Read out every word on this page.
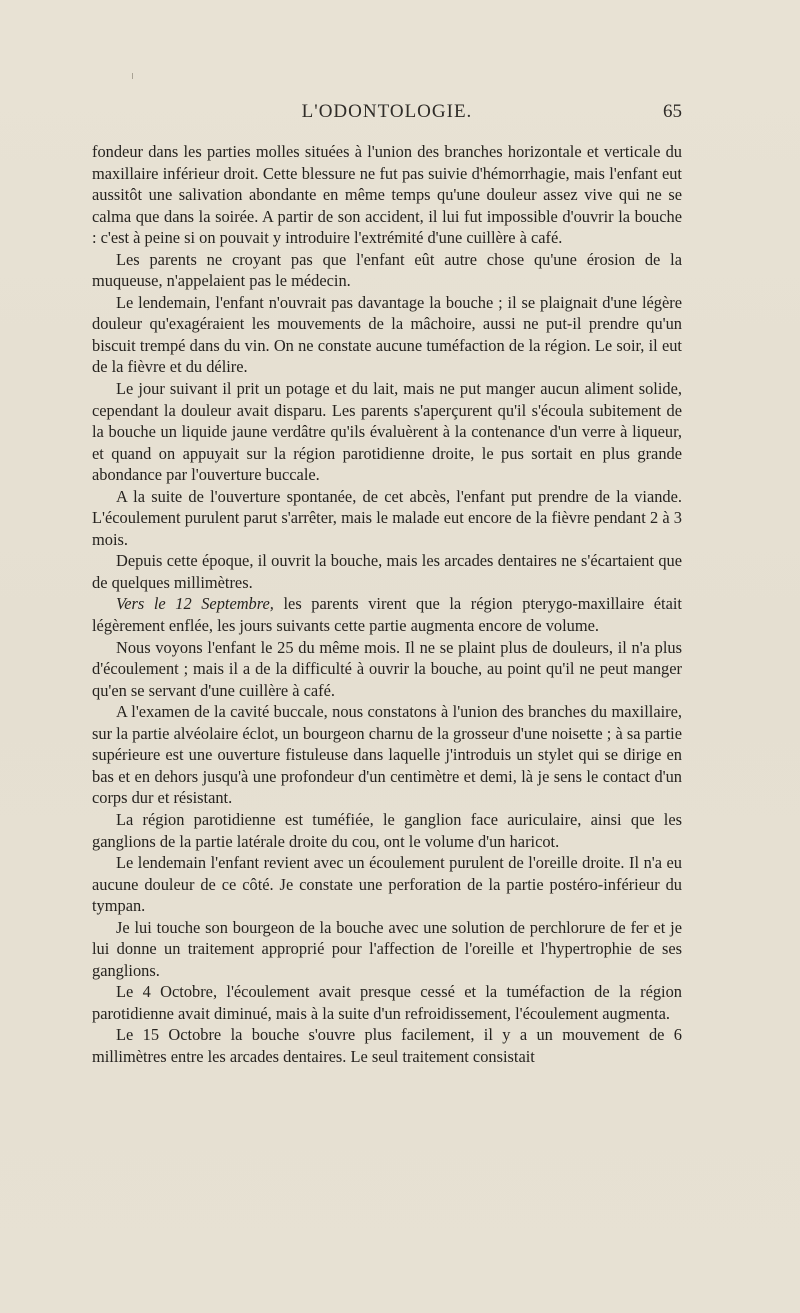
L'ODONTOLOGIE.	65

fondeur dans les parties molles situées à l'union des branches horizontale et verticale du maxillaire inférieur droit. Cette blessure ne fut pas suivie d'hémorrhagie, mais l'enfant eut aussitôt une salivation abondante en même temps qu'une douleur assez vive qui ne se calma que dans la soirée. A partir de son accident, il lui fut impossible d'ouvrir la bouche : c'est à peine si on pouvait y introduire l'extrémité d'une cuillère à café.

Les parents ne croyant pas que l'enfant eût autre chose qu'une érosion de la muqueuse, n'appelaient pas le médecin.

Le lendemain, l'enfant n'ouvrait pas davantage la bouche ; il se plaignait d'une légère douleur qu'exagéraient les mouvements de la mâchoire, aussi ne put-il prendre qu'un biscuit trempé dans du vin. On ne constate aucune tuméfaction de la région. Le soir, il eut de la fièvre et du délire.

Le jour suivant il prit un potage et du lait, mais ne put manger aucun aliment solide, cependant la douleur avait disparu. Les parents s'aperçurent qu'il s'écoula subitement de la bouche un liquide jaune verdâtre qu'ils évaluèrent à la contenance d'un verre à liqueur, et quand on appuyait sur la région parotidienne droite, le pus sortait en plus grande abondance par l'ouverture buccale.

A la suite de l'ouverture spontanée, de cet abcès, l'enfant put prendre de la viande. L'écoulement purulent parut s'arrêter, mais le malade eut encore de la fièvre pendant 2 à 3 mois.

Depuis cette époque, il ouvrit la bouche, mais les arcades dentaires ne s'écartaient que de quelques millimètres.

Vers le 12 Septembre, les parents virent que la région pterygo-maxillaire était légèrement enflée, les jours suivants cette partie augmenta encore de volume.

Nous voyons l'enfant le 25 du même mois. Il ne se plaint plus de douleurs, il n'a plus d'écoulement ; mais il a de la difficulté à ouvrir la bouche, au point qu'il ne peut manger qu'en se servant d'une cuillère à café.

A l'examen de la cavité buccale, nous constatons à l'union des branches du maxillaire, sur la partie alvéolaire éclot, un bourgeon charnu de la grosseur d'une noisette ; à sa partie supérieure est une ouverture fistuleuse dans laquelle j'introduis un stylet qui se dirige en bas et en dehors jusqu'à une profondeur d'un centimètre et demi, là je sens le contact d'un corps dur et résistant.

La région parotidienne est tuméfiée, le ganglion face auriculaire, ainsi que les ganglions de la partie latérale droite du cou, ont le volume d'un haricot.

Le lendemain l'enfant revient avec un écoulement purulent de l'oreille droite. Il n'a eu aucune douleur de ce côté. Je constate une perforation de la partie postéro-inférieur du tympan.

Je lui touche son bourgeon de la bouche avec une solution de perchlorure de fer et je lui donne un traitement approprié pour l'affection de l'oreille et l'hypertrophie de ses ganglions.

Le 4 Octobre, l'écoulement avait presque cessé et la tuméfaction de la région parotidienne avait diminué, mais à la suite d'un refroidissement, l'écoulement augmenta.

Le 15 Octobre la bouche s'ouvre plus facilement, il y a un mouvement de 6 millimètres entre les arcades dentaires. Le seul traitement consistait
